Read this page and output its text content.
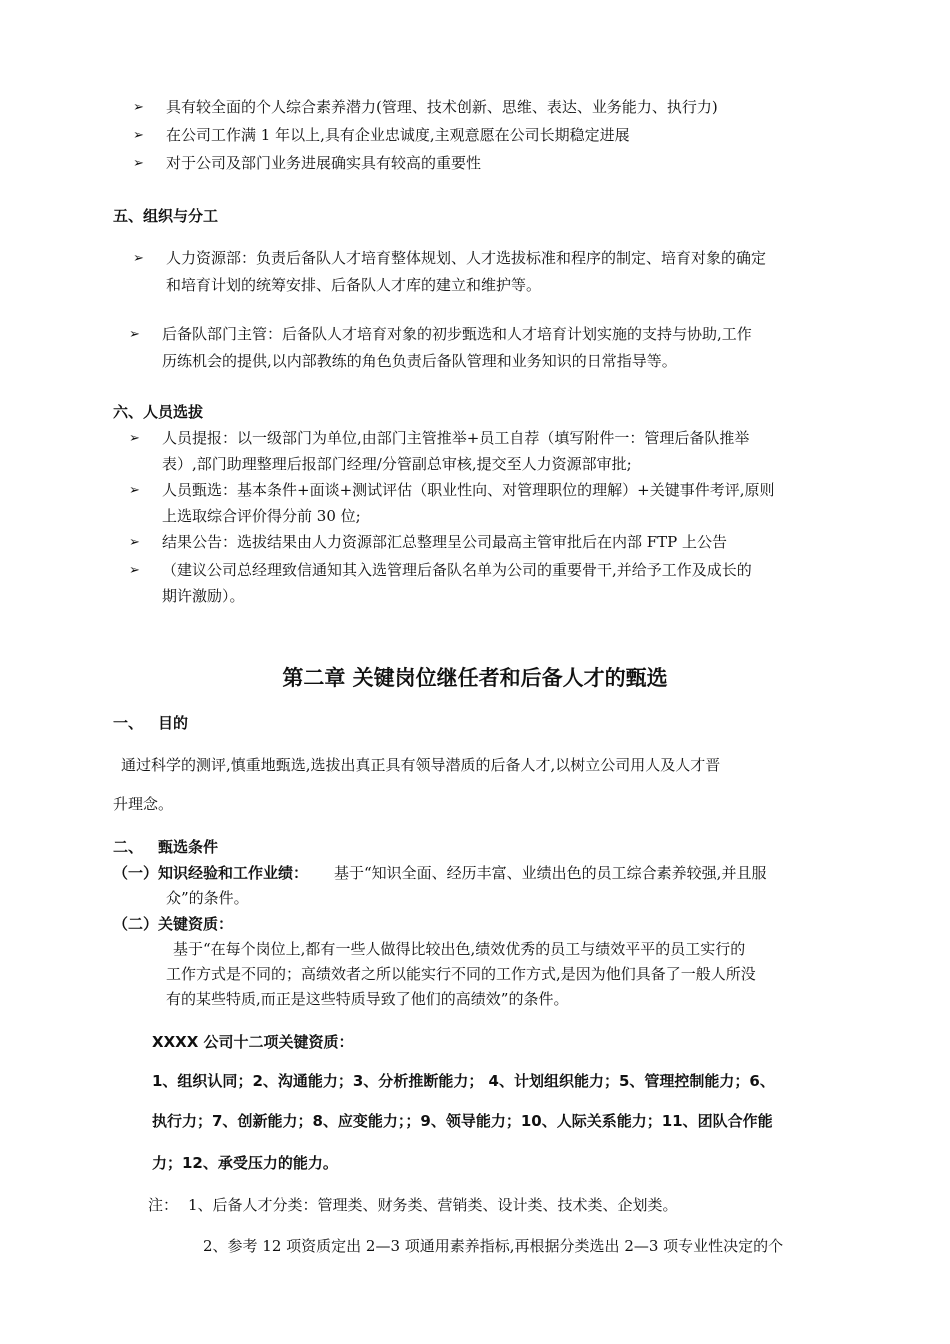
➢ 具有较全面的个人综合素养潜力(管理、技术创新、思维、表达、业务能力、执行力)
➢ 在公司工作满 1 年以上,具有企业忠诚度,主观意愿在公司长期稳定进展
➢ 对于公司及部门业务进展确实具有较高的重要性
五、组织与分工
➢ 人力资源部：负责后备队人才培育整体规划、人才选拔标准和程序的制定、培育对象的确定
和培育计划的统筹安排、后备队人才库的建立和维护等。
➢ 后备队部门主管：后备队人才培育对象的初步甄选和人才培育计划实施的支持与协助,工作
历练机会的提供,以内部教练的角色负责后备队管理和业务知识的日常指导等。
六、人员选拔
➢ 人员提报：以一级部门为单位,由部门主管推举+员工自荐（填写附件一：管理后备队推举
表）,部门助理整理后报部门经理/分管副总审核,提交至人力资源部审批;
➢ 人员甄选：基本条件+面谈+测试评估（职业性向、对管理职位的理解）+关键事件考评,原则
上选取综合评价得分前 30 位;
➢ 结果公告：选拔结果由人力资源部汇总整理呈公司最高主管审批后在内部 FTP 上公告
➢ （建议公司总经理致信通知其入选管理后备队名单为公司的重要骨干,并给予工作及成长的
期许激励）。
第二章 关键岗位继任者和后备人才的甄选
一、 目的
通过科学的测评,慎重地甄选,选拔出真正具有领导潜质的后备人才,以树立公司用人及人才晋
升理念。
二、 甄选条件
（一）知识经验和工作业绩： 基于“知识全面、经历丰富、业绩出色的员工综合素养较强,并且服
众”的条件。
（二）关键资质：
基于“在每个岗位上,都有一些人做得比较出色,绩效优秀的员工与绩效平平的员工实行的
工作方式是不同的；高绩效者之所以能实行不同的工作方式,是因为他们具备了一般人所没
有的某些特质,而正是这些特质导致了他们的高绩效”的条件。
XXXX 公司十二项关键资质：
1、组织认同；2、沟通能力；3、分析推断能力； 4、计划组织能力；5、管理控制能力；6、
执行力；7、创新能力；8、应变能力；；9、领导能力；10、人际关系能力；11、团队合作能
力；12、承受压力的能力。
注： 1、后备人才分类：管理类、财务类、营销类、设计类、技术类、企划类。
2、参考 12 项资质定出 2—3 项通用素养指标,再根据分类选出 2—3 项专业性决定的个
